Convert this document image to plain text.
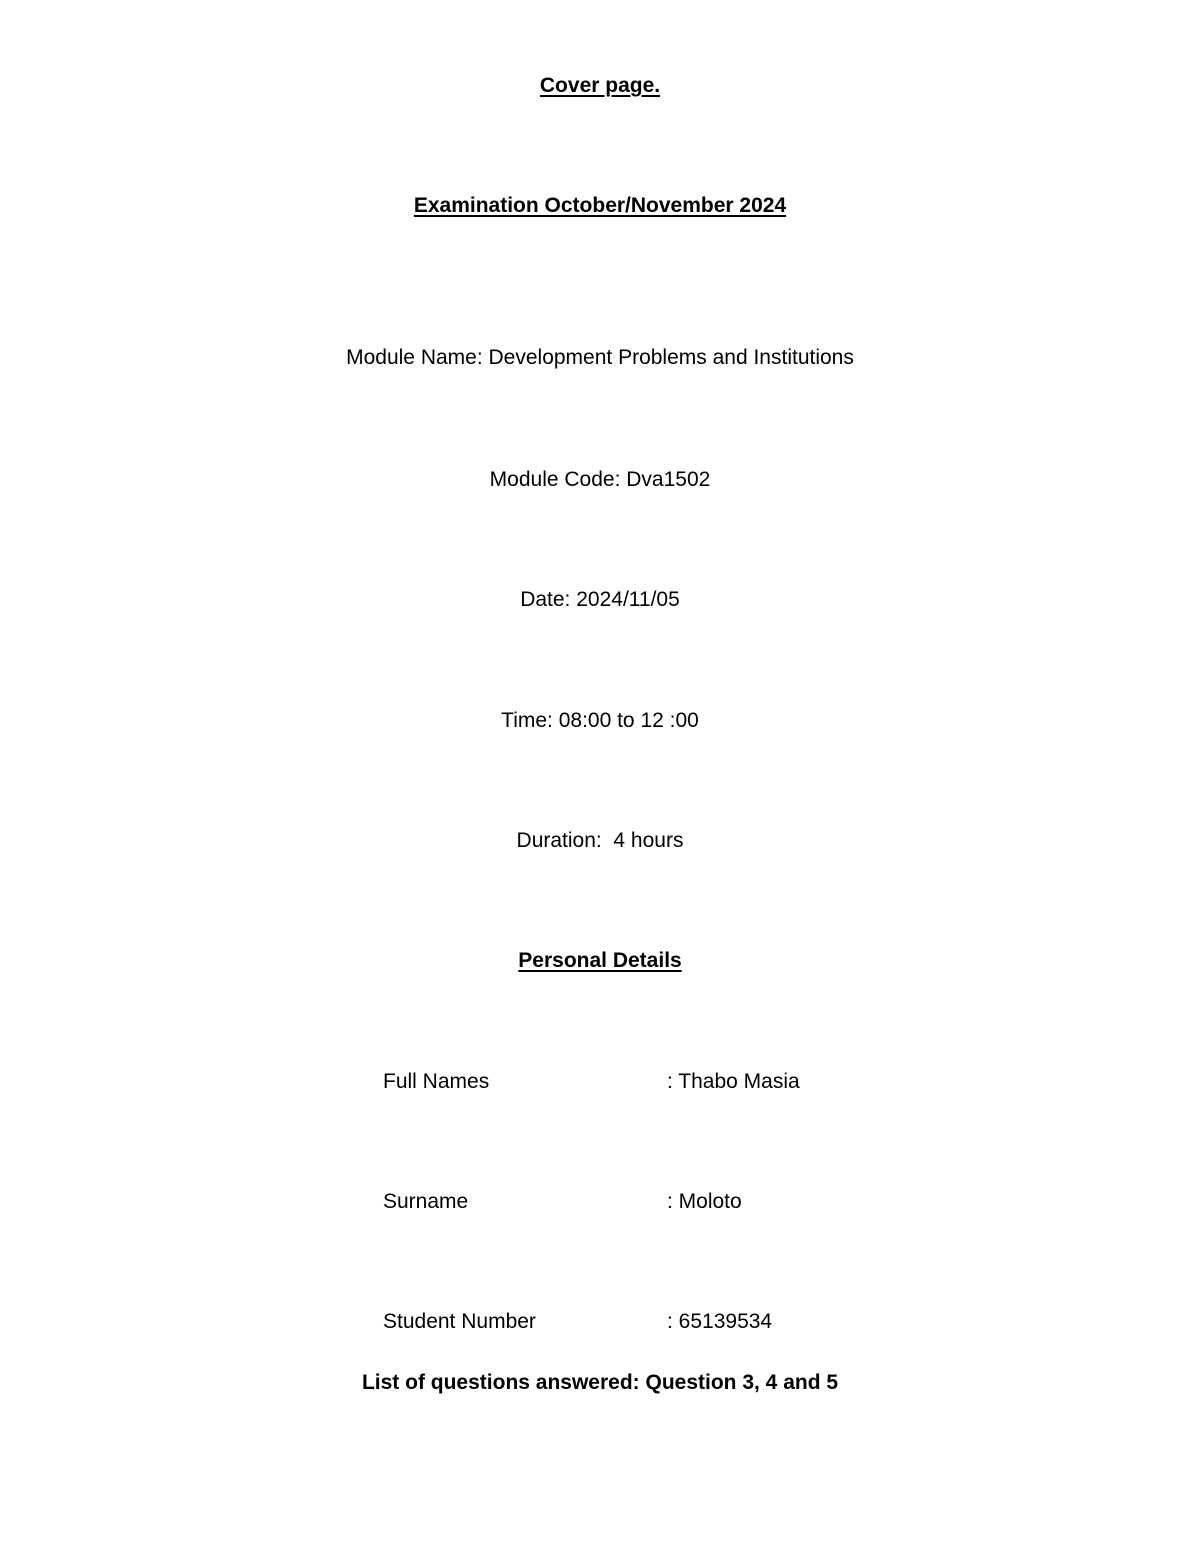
Cover page.
Examination October/November 2024
Module Name: Development Problems and Institutions
Module Code: Dva1502
Date: 2024/11/05
Time: 08:00 to 12 :00
Duration:  4 hours
Personal Details
Full Names	: Thabo Masia
Surname	: Moloto
Student Number	: 65139534
List of questions answered: Question 3, 4 and 5
